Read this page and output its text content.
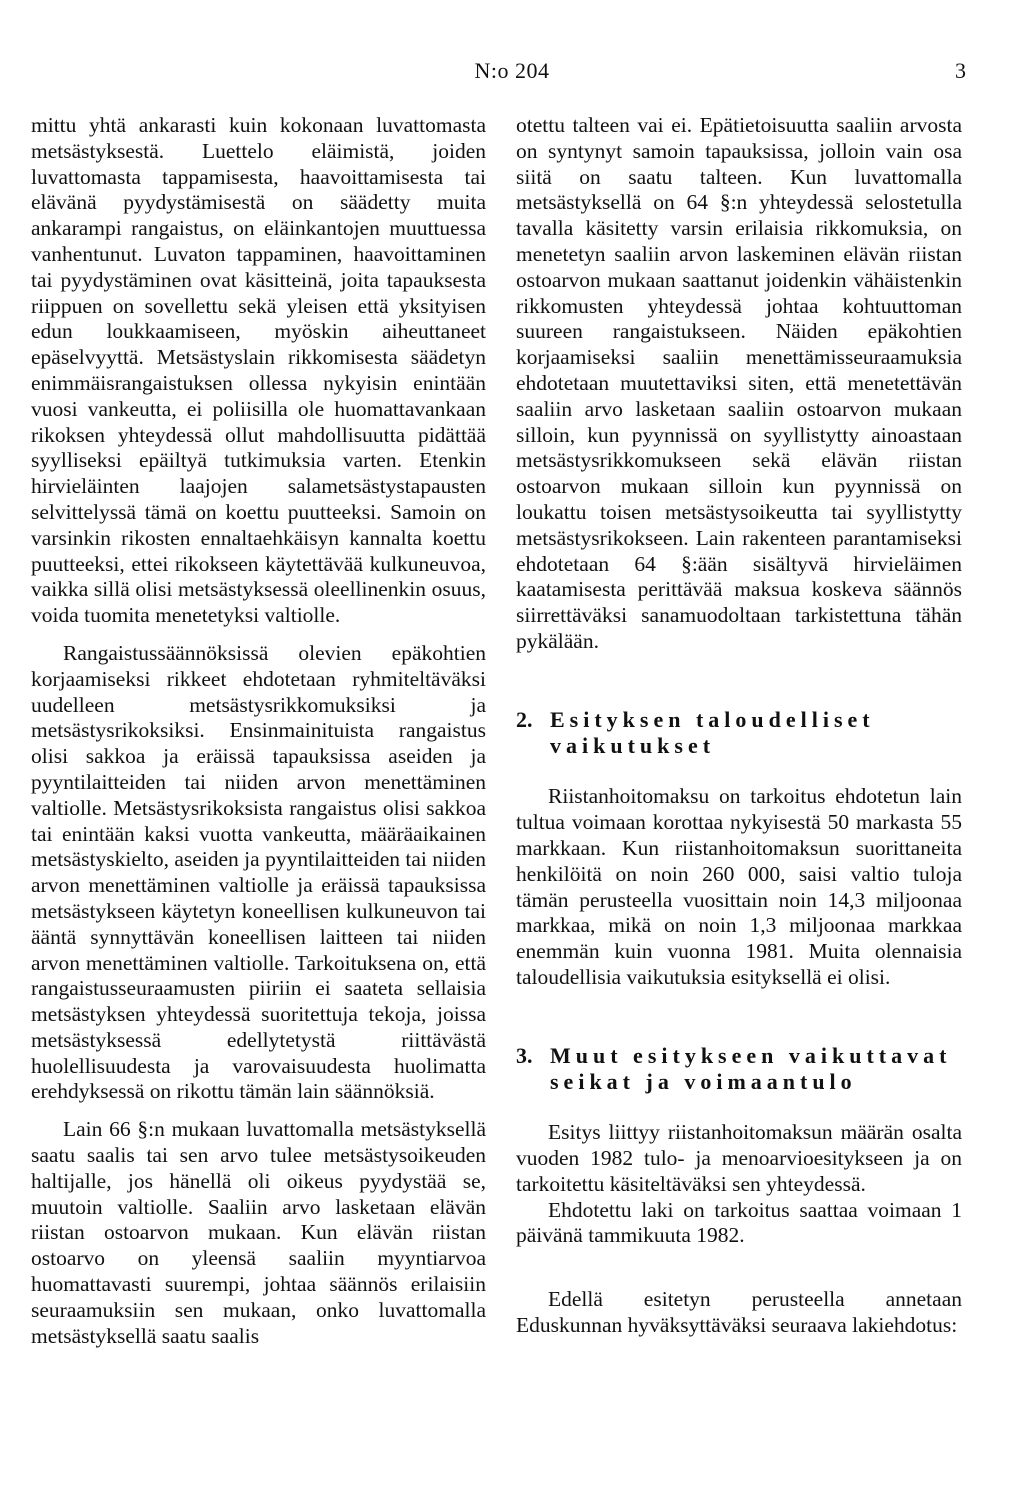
N:o 204	3

mittu yhtä ankarasti kuin kokonaan luvattomasta metsästyksestä. Luettelo eläimistä, joiden luvattomasta tappamisesta, haavoittamisesta tai elävänä pyydystämisestä on säädetty muita ankarampi rangaistus, on eläinkantojen muuttuessa vanhentunut. Luvaton tappaminen, haavoittaminen tai pyydystäminen ovat käsitteinä, joita tapauksesta riippuen on sovellettu sekä yleisen että yksityisen edun loukkaamiseen, myöskin aiheuttaneet epäselvyyttä. Metsästyslain rikkomisesta säädetyn enimmäisrangaistuksen ollessa nykyisin enintään vuosi vankeutta, ei poliisilla ole huomattavankaan rikoksen yhteydessä ollut mahdollisuutta pidättää syylliseksi epäiltyä tutkimuksia varten. Etenkin hirvieläinten laajojen salametsästystapausten selvittelyssä tämä on koettu puutteeksi. Samoin on varsinkin rikosten ennaltaehkäisyn kannalta koettu puutteeksi, ettei rikokseen käytettävää kulkuneuvoa, vaikka sillä olisi metsästyksessä oleellinenkin osuus, voida tuomita menetetyksi valtiolle.

Rangaistussäännöksissä olevien epäkohtien korjaamiseksi rikkeet ehdotetaan ryhmiteltäväksi uudelleen metsästysrikkomuksiksi ja metsästysrikoksiksi. Ensinmainituista rangaistus olisi sakkoa ja eräissä tapauksissa aseiden ja pyyntilaitteiden tai niiden arvon menettäminen valtiolle. Metsästysrikoksista rangaistus olisi sakkoa tai enintään kaksi vuotta vankeutta, määräaikainen metsästyskielto, aseiden ja pyyntilaitteiden tai niiden arvon menettäminen valtiolle ja eräissä tapauksissa metsästykseen käytetyn koneellisen kulkuneuvon tai ääntä synnyttävän koneellisen laitteen tai niiden arvon menettäminen valtiolle. Tarkoituksena on, että rangaistusseuraamusten piiriin ei saateta sellaisia metsästyksen yhteydessä suoritettuja tekoja, joissa metsästyksessä edellytetystä riittävästä huolellisuudesta ja varovaisuudesta huolimatta erehdyksessä on rikottu tämän lain säännöksiä.

Lain 66 §:n mukaan luvattomalla metsästyksellä saatu saalis tai sen arvo tulee metsästysoikeuden haltijalle, jos hänellä oli oikeus pyydystää se, muutoin valtiolle. Saaliin arvo lasketaan elävän riistan ostoarvon mukaan. Kun elävän riistan ostoarvo on yleensä saaliin myyntiarvoa huomattavasti suurempi, johtaa säännös erilaisiin seuraamuksiin sen mukaan, onko luvattomalla metsästyksellä saatu saalis

otettu talteen vai ei. Epätietoisuutta saaliin arvosta on syntynyt samoin tapauksissa, jolloin vain osa siitä on saatu talteen. Kun luvattomalla metsästyksellä on 64 §:n yhteydessä selostetulla tavalla käsitetty varsin erilaisia rikkomuksia, on menetetyn saaliin arvon laskeminen elävän riistan ostoarvon mukaan saattanut joidenkin vähäistenkin rikkomusten yhteydessä johtaa kohtuuttoman suureen rangaistukseen. Näiden epäkohtien korjaamiseksi saaliin menettämisseuraamuksia ehdotetaan muutettaviksi siten, että menetettävän saaliin arvo lasketaan saaliin ostoarvon mukaan silloin, kun pyynnissä on syyllistytty ainoastaan metsästysrikkomukseen sekä elävän riistan ostoarvon mukaan silloin kun pyynnissä on loukattu toisen metsästysoikeutta tai syyllistytty metsästysrikokseen. Lain rakenteen parantamiseksi ehdotetaan 64 §:ään sisältyvä hirvieläimen kaatamisesta perittävää maksua koskeva säännös siirrettäväksi sanamuodoltaan tarkistettuna tähän pykälään.

2. Esityksen taloudelliset vaikutukset

Riistanhoitomaksu on tarkoitus ehdotetun lain tultua voimaan korottaa nykyisestä 50 markasta 55 markkaan. Kun riistanhoitomaksun suorittaneita henkilöitä on noin 260 000, saisi valtio tuloja tämän perusteella vuosittain noin 14,3 miljoonaa markkaa, mikä on noin 1,3 miljoonaa markkaa enemmän kuin vuonna 1981. Muita olennaisia taloudellisia vaikutuksia esityksellä ei olisi.

3. Muut esitykseen vaikuttavat seikat ja voimaantulo

Esitys liittyy riistanhoitomaksun määrän osalta vuoden 1982 tulo- ja menoarvioesitykseen ja on tarkoitettu käsiteltäväksi sen yhteydessä.

Ehdotettu laki on tarkoitus saattaa voimaan 1 päivänä tammikuuta 1982.

Edellä esitetyn perusteella annetaan Eduskunnan hyväksyttäväksi seuraava lakiehdotus:
